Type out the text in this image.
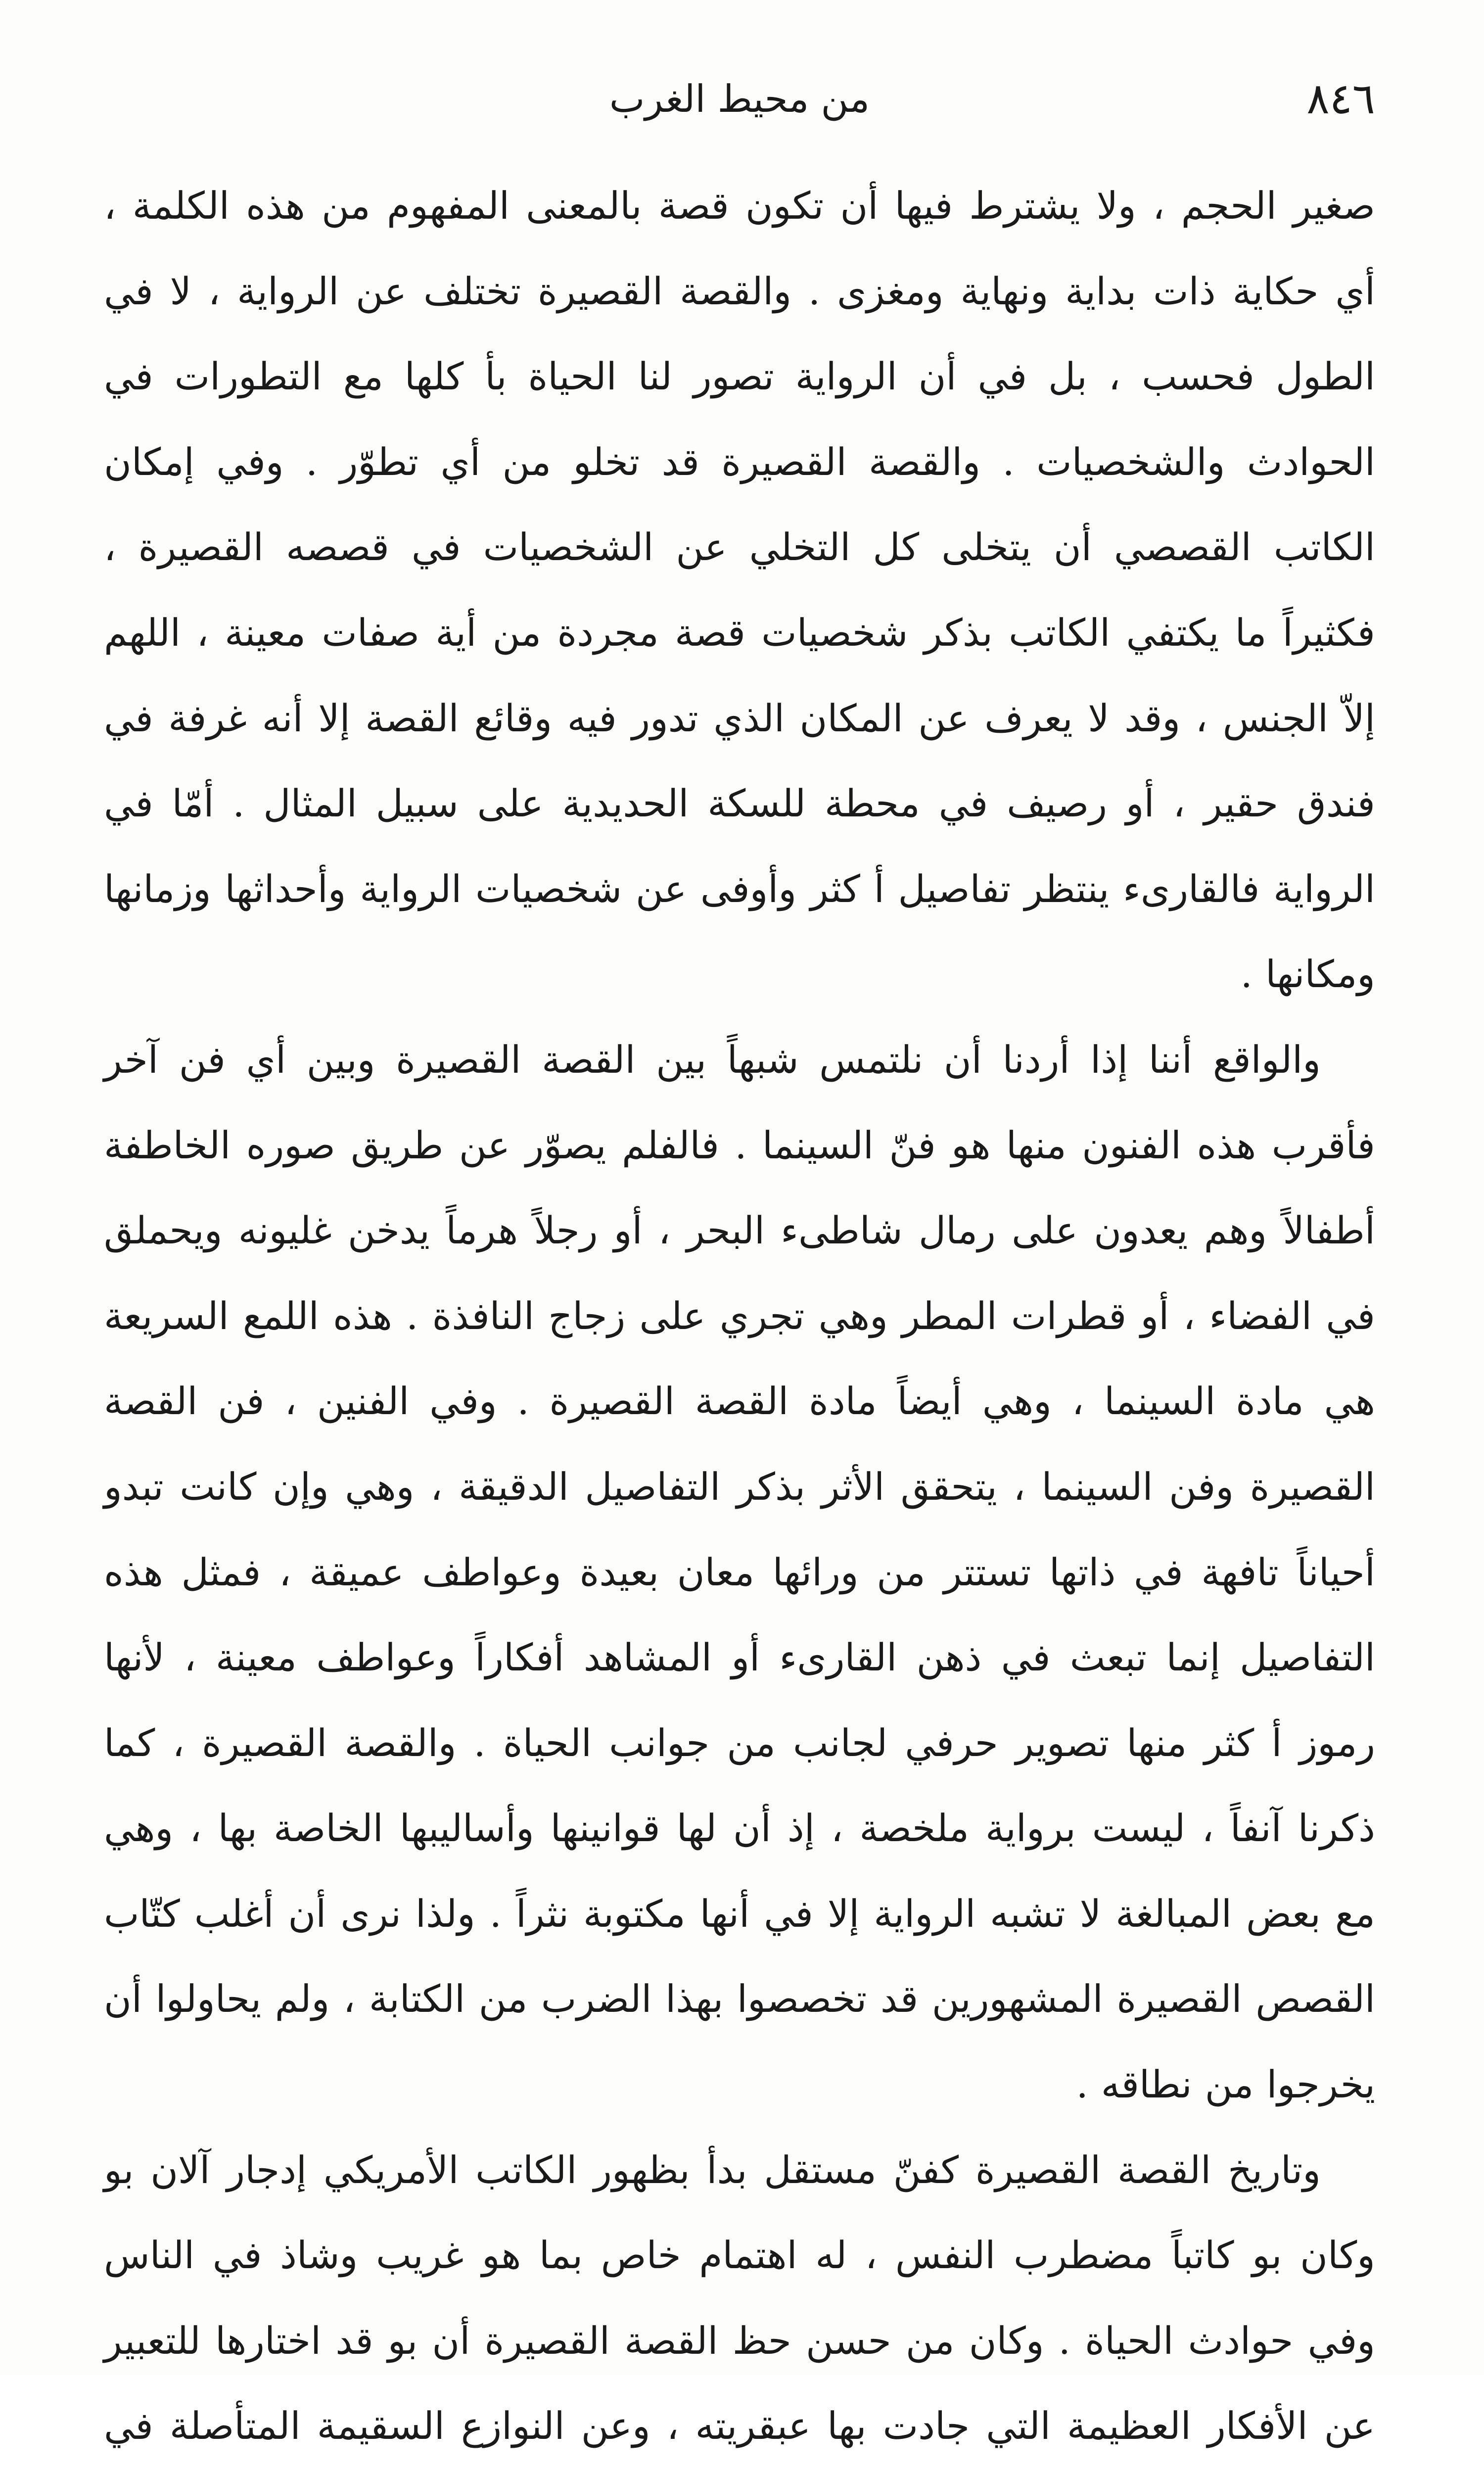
٨٤٦
من محيط الغرب

صغير الحجم ، ولا يشترط فيها أن تكون قصة بالمعنى المفهوم من هذه الكلمة ، أي حكاية ذات بداية ونهاية ومغزى . والقصة القصيرة تختلف عن الرواية ، لا في الطول فحسب ، بل في أن الرواية تصور لنا الحياة بأ كلها مع التطورات في الحوادث والشخصيات . والقصة القصيرة قد تخلو من أي تطوّر . وفي إمكان الكاتب القصصي أن يتخلى كل التخلي عن الشخصيات في قصصه القصيرة ، فكثيراً ما يكتفي الكاتب بذكر شخصيات قصة مجردة من أية صفات معينة ، اللهم إلاّ الجنس ، وقد لا يعرف عن المكان الذي تدور فيه وقائع القصة إلا أنه غرفة في فندق حقير ، أو رصيف في محطة للسكة الحديدية على سبيل المثال . أمّا في الرواية فالقارىء ينتظر تفاصيل أ كثر وأوفى عن شخصيات الرواية وأحداثها وزمانها ومكانها .

والواقع أننا إذا أردنا أن نلتمس شبهاً بين القصة القصيرة وبين أي فن آخر فأقرب هذه الفنون منها هو فنّ السينما . فالفلم يصوّر عن طريق صوره الخاطفة أطفالاً وهم يعدون على رمال شاطىء البحر ، أو رجلاً هرماً يدخن غليونه ويحملق في الفضاء ، أو قطرات المطر وهي تجري على زجاج النافذة . هذه اللمع السريعة هي مادة السينما ، وهي أيضاً مادة القصة القصيرة . وفي الفنين ، فن القصة القصيرة وفن السينما ، يتحقق الأثر بذكر التفاصيل الدقيقة ، وهي وإن كانت تبدو أحياناً تافهة في ذاتها تستتر من ورائها معان بعيدة وعواطف عميقة ، فمثل هذه التفاصيل إنما تبعث في ذهن القارىء أو المشاهد أفكاراً وعواطف معينة ، لأنها رموز أ كثر منها تصوير حرفي لجانب من جوانب الحياة . والقصة القصيرة ، كما ذكرنا آنفاً ، ليست برواية ملخصة ، إذ أن لها قوانينها وأساليبها الخاصة بها ، وهي مع بعض المبالغة لا تشبه الرواية إلا في أنها مكتوبة نثراً . ولذا نرى أن أغلب كتّاب القصص القصيرة المشهورين قد تخصصوا بهذا الضرب من الكتابة ، ولم يحاولوا أن يخرجوا من نطاقه .

وتاريخ القصة القصيرة كفنّ مستقل بدأ بظهور الكاتب الأمريكي إدجار آلان بو وكان بو كاتباً مضطرب النفس ، له اهتمام خاص بما هو غريب وشاذ في الناس وفي حوادث الحياة . وكان من حسن حظ القصة القصيرة أن بو قد اختارها للتعبير عن الأفكار العظيمة التي جادت بها عبقريته ، وعن النوازع السقيمة المتأصلة في
